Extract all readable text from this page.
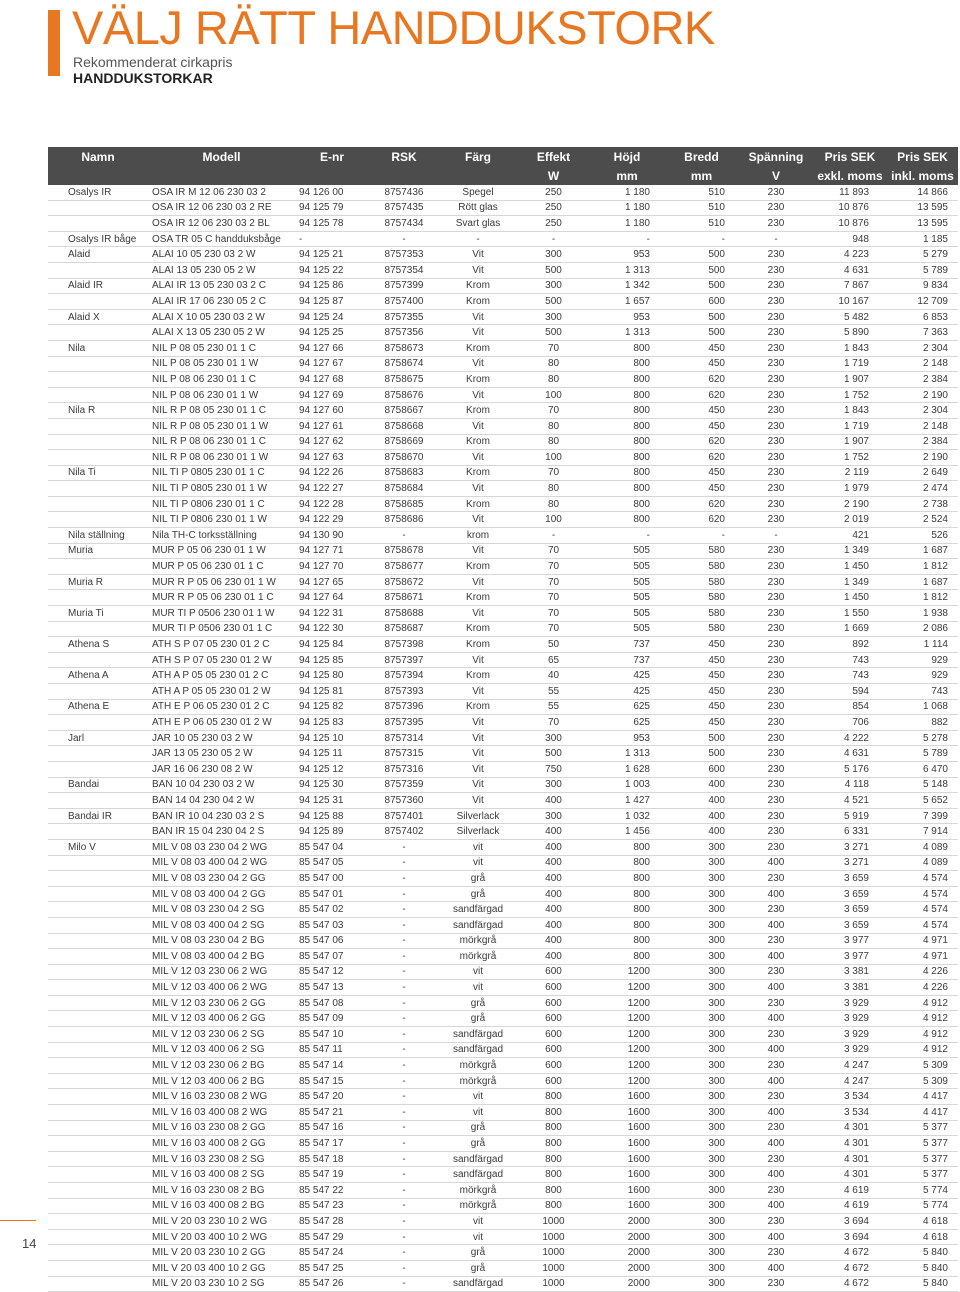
VÄLJ RÄTT HANDDUKSTORK
Rekommenderat cirkapris
HANDDUKSTORKAR
Namn	Modell	E-nr	RSK	Färg	Effekt	Höjd	Bredd	Spänning	Pris SEK	Pris SEK
					W	mm	mm	V	exkl. moms	inkl. moms
Osalys IR	OSA IR M 12 06 230 03 2	94 126 00	8757436	Spegel	250	1 180	510	230	11 893	14 866
	OSA IR 12 06 230 03 2 RE	94 125 79	8757435	Rött glas	250	1 180	510	230	10 876	13 595
	OSA IR 12 06 230 03 2 BL	94 125 78	8757434	Svart glas	250	1 180	510	230	10 876	13 595
Osalys IR båge	OSA TR 05 C handduksbåge	-	-	-	-	-	-	-	948	1 185
Alaid	ALAI 10 05 230 03 2 W	94 125 21	8757353	Vit	300	953	500	230	4 223	5 279
	ALAI 13 05 230 05 2 W	94 125 22	8757354	Vit	500	1 313	500	230	4 631	5 789
Alaid IR	ALAI IR 13 05 230 03 2 C	94 125 86	8757399	Krom	300	1 342	500	230	7 867	9 834
	ALAI IR 17 06 230 05 2 C	94 125 87	8757400	Krom	500	1 657	600	230	10 167	12 709
Alaid X	ALAI X 10 05 230 03 2 W	94 125 24	8757355	Vit	300	953	500	230	5 482	6 853
	ALAI X 13 05 230 05 2 W	94 125 25	8757356	Vit	500	1 313	500	230	5 890	7 363
Nila	NIL P 08 05 230 01 1 C	94 127 66	8758673	Krom	70	800	450	230	1 843	2 304
	NIL P 08 05 230 01 1 W	94 127 67	8758674	Vit	80	800	450	230	1 719	2 148
	NIL P 08 06 230 01 1 C	94 127 68	8758675	Krom	80	800	620	230	1 907	2 384
	NIL P 08 06 230 01 1 W	94 127 69	8758676	Vit	100	800	620	230	1 752	2 190
Nila R	NIL R P 08 05 230 01 1 C	94 127 60	8758667	Krom	70	800	450	230	1 843	2 304
	NIL R P 08 05 230 01 1 W	94 127 61	8758668	Vit	80	800	450	230	1 719	2 148
	NIL R P 08 06 230 01 1 C	94 127 62	8758669	Krom	80	800	620	230	1 907	2 384
	NIL R P 08 06 230 01 1 W	94 127 63	8758670	Vit	100	800	620	230	1 752	2 190
Nila Ti	NIL TI P 0805 230 01 1 C	94 122 26	8758683	Krom	70	800	450	230	2 119	2 649
	NIL TI P 0805 230 01 1 W	94 122 27	8758684	Vit	80	800	450	230	1 979	2 474
	NIL TI P 0806 230 01 1 C	94 122 28	8758685	Krom	80	800	620	230	2 190	2 738
	NIL TI P 0806 230 01 1 W	94 122 29	8758686	Vit	100	800	620	230	2 019	2 524
Nila ställning	Nila TH-C torksställning	94 130 90	-	krom	-	-	-	-	421	526
Muria	MUR P 05 06 230 01 1 W	94 127 71	8758678	Vit	70	505	580	230	1 349	1 687
	MUR P 05 06 230 01 1 C	94 127 70	8758677	Krom	70	505	580	230	1 450	1 812
Muria R	MUR R P 05 06 230 01 1 W	94 127 65	8758672	Vit	70	505	580	230	1 349	1 687
	MUR R P 05 06 230 01 1 C	94 127 64	8758671	Krom	70	505	580	230	1 450	1 812
Muria Ti	MUR TI P 0506 230 01 1 W	94 122 31	8758688	Vit	70	505	580	230	1 550	1 938
	MUR TI P 0506 230 01 1 C	94 122 30	8758687	Krom	70	505	580	230	1 669	2 086
Athena S	ATH S P 07 05 230 01 2 C	94 125 84	8757398	Krom	50	737	450	230	892	1 114
	ATH S P 07 05 230 01 2 W	94 125 85	8757397	Vit	65	737	450	230	743	929
Athena A	ATH A P 05 05 230 01 2 C	94 125 80	8757394	Krom	40	425	450	230	743	929
	ATH A P 05 05 230 01 2 W	94 125 81	8757393	Vit	55	425	450	230	594	743
Athena E	ATH E P 06 05 230 01 2 C	94 125 82	8757396	Krom	55	625	450	230	854	1 068
	ATH E P 06 05 230 01 2 W	94 125 83	8757395	Vit	70	625	450	230	706	882
Jarl	JAR 10 05 230 03 2 W	94 125 10	8757314	Vit	300	953	500	230	4 222	5 278
	JAR 13 05 230 05 2 W	94 125 11	8757315	Vit	500	1 313	500	230	4 631	5 789
	JAR 16 06 230 08 2 W	94 125 12	8757316	Vit	750	1 628	600	230	5 176	6 470
Bandai	BAN 10 04 230 03 2 W	94 125 30	8757359	Vit	300	1 003	400	230	4 118	5 148
	BAN 14 04 230 04 2 W	94 125 31	8757360	Vit	400	1 427	400	230	4 521	5 652
Bandai IR	BAN IR 10 04 230 03 2 S	94 125 88	8757401	Silverlack	300	1 032	400	230	5 919	7 399
	BAN IR 15 04 230 04 2 S	94 125 89	8757402	Silverlack	400	1 456	400	230	6 331	7 914
Milo V	MIL V 08 03 230 04 2 WG	85 547 04	-	vit	400	800	300	230	3 271	4 089
	MIL V 08 03 400 04 2 WG	85 547 05	-	vit	400	800	300	400	3 271	4 089
	MIL V 08 03 230 04 2 GG	85 547 00	-	grå	400	800	300	230	3 659	4 574
	MIL V 08 03 400 04 2 GG	85 547 01	-	grå	400	800	300	400	3 659	4 574
	MIL V 08 03 230 04 2 SG	85 547 02	-	sandfärgad	400	800	300	230	3 659	4 574
	MIL V 08 03 400 04 2 SG	85 547 03	-	sandfärgad	400	800	300	400	3 659	4 574
	MIL V 08 03 230 04 2 BG	85 547 06	-	mörkgrå	400	800	300	230	3 977	4 971
	MIL V 08 03 400 04 2 BG	85 547 07	-	mörkgrå	400	800	300	400	3 977	4 971
	MIL V 12 03 230 06 2 WG	85 547 12	-	vit	600	1200	300	230	3 381	4 226
	MIL V 12 03 400 06 2 WG	85 547 13	-	vit	600	1200	300	400	3 381	4 226
	MIL V 12 03 230 06 2 GG	85 547 08	-	grå	600	1200	300	230	3 929	4 912
	MIL V 12 03 400 06 2 GG	85 547 09	-	grå	600	1200	300	400	3 929	4 912
	MIL V 12 03 230 06 2 SG	85 547 10	-	sandfärgad	600	1200	300	230	3 929	4 912
	MIL V 12 03 400 06 2 SG	85 547 11	-	sandfärgad	600	1200	300	400	3 929	4 912
	MIL V 12 03 230 06 2 BG	85 547 14	-	mörkgrå	600	1200	300	230	4 247	5 309
	MIL V 12 03 400 06 2 BG	85 547 15	-	mörkgrå	600	1200	300	400	4 247	5 309
	MIL V 16 03 230 08 2 WG	85 547 20	-	vit	800	1600	300	230	3 534	4 417
	MIL V 16 03 400 08 2 WG	85 547 21	-	vit	800	1600	300	400	3 534	4 417
	MIL V 16 03 230 08 2 GG	85 547 16	-	grå	800	1600	300	230	4 301	5 377
	MIL V 16 03 400 08 2 GG	85 547 17	-	grå	800	1600	300	400	4 301	5 377
	MIL V 16 03 230 08 2 SG	85 547 18	-	sandfärgad	800	1600	300	230	4 301	5 377
	MIL V 16 03 400 08 2 SG	85 547 19	-	sandfärgad	800	1600	300	400	4 301	5 377
	MIL V 16 03 230 08 2 BG	85 547 22	-	mörkgrå	800	1600	300	230	4 619	5 774
	MIL V 16 03 400 08 2 BG	85 547 23	-	mörkgrå	800	1600	300	400	4 619	5 774
	MIL V 20 03 230 10 2 WG	85 547 28	-	vit	1000	2000	300	230	3 694	4 618
	MIL V 20 03 400 10 2 WG	85 547 29	-	vit	1000	2000	300	400	3 694	4 618
	MIL V 20 03 230 10 2 GG	85 547 24	-	grå	1000	2000	300	230	4 672	5 840
	MIL V 20 03 400 10 2 GG	85 547 25	-	grå	1000	2000	300	400	4 672	5 840
	MIL V 20 03 230 10 2 SG	85 547 26	-	sandfärgad	1000	2000	300	230	4 672	5 840
14
